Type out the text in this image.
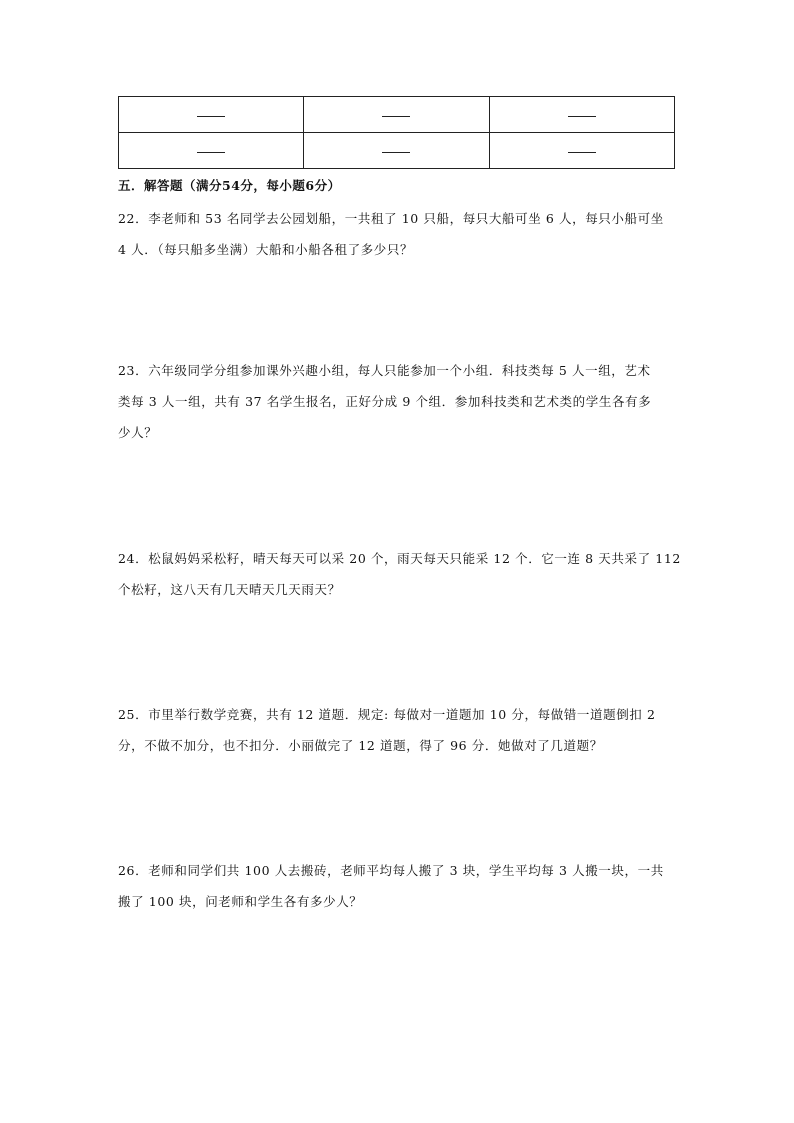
五．解答题（满分54分，每小题6分）
22．李老师和 53 名同学去公园划船，一共租了 10 只船，每只大船可坐 6 人，每只小船可坐
4 人．（每只船多坐满）大船和小船各租了多少只？
23．六年级同学分组参加课外兴趣小组，每人只能参加一个小组．科技类每 5 人一组，艺术
类每 3 人一组，共有 37 名学生报名，正好分成 9 个组．参加科技类和艺术类的学生各有多
少人？
24．松鼠妈妈采松籽，晴天每天可以采 20 个，雨天每天只能采 12 个．它一连 8 天共采了 112
个松籽，这八天有几天晴天几天雨天？
25．市里举行数学竞赛，共有 12 道题．规定: 每做对一道题加 10 分，每做错一道题倒扣 2
分，不做不加分，也不扣分．小丽做完了 12 道题，得了 96 分．她做对了几道题？
26．老师和同学们共 100 人去搬砖，老师平均每人搬了 3 块，学生平均每 3 人搬一块，一共
搬了 100 块，问老师和学生各有多少人？
